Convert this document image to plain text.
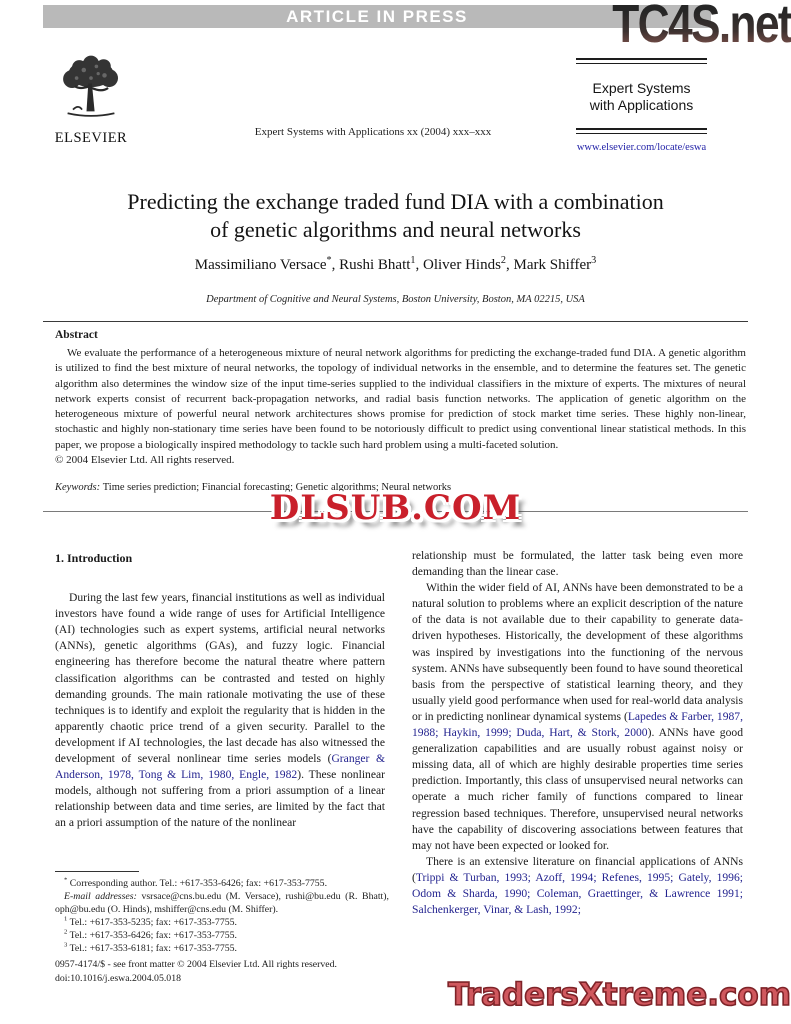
ARTICLE IN PRESS	TC4S.net
ELSEVIER	Expert Systems with Applications xx (2004) xxx–xxx
Expert Systems
with Applications
www.elsevier.com/locate/eswa
Predicting the exchange traded fund DIA with a combination
of genetic algorithms and neural networks
Massimiliano Versace*, Rushi Bhatt$^1$, Oliver Hinds$^2$, Mark Shiffer$^3$
Department of Cognitive and Neural Systems, Boston University, Boston, MA 02215, USA
Abstract

We evaluate the performance of a heterogeneous mixture of neural network algorithms for predicting the exchange-traded fund DIA. A genetic algorithm is utilized to find the best mixture of neural networks, the topology of individual networks in the ensemble, and to determine the features set. The genetic algorithm also determines the window size of the input time-series supplied to the individual classifiers in the mixture of experts. The mixtures of neural network experts consist of recurrent back-propagation networks, and radial basis function networks. The application of genetic algorithm on the heterogeneous mixture of powerful neural network architectures shows promise for prediction of stock market time series. These highly non-linear, stochastic and highly non-stationary time series have been found to be notoriously difficult to predict using conventional linear statistical methods. In this paper, we propose a biologically inspired methodology to tackle such hard problem using a multi-faceted solution.

© 2004 Elsevier Ltd. All rights reserved.

Keywords: Time series prediction; Financial forecasting; Genetic algorithms; Neural networks
DLSUB.COM
1. Introduction

During the last few years, financial institutions as well as individual investors have found a wide range of uses for Artificial Intelligence (AI) technologies such as expert systems, artificial neural networks (ANNs), genetic algorithms (GAs), and fuzzy logic. Financial engineering has therefore become the natural theatre where pattern classification algorithms can be contrasted and tested on highly demanding grounds. The main rationale motivating the use of these techniques is to identify and exploit the regularity that is hidden in the apparently chaotic price trend of a given security. Parallel to the development if AI technologies, the last decade has also witnessed the development of several nonlinear time series models (Granger & Anderson, 1978, Tong & Lim, 1980, Engle, 1982). These nonlinear models, although not suffering from a priori assumption of a linear relationship between data and time series, are limited by the fact that an a priori assumption of the nature of the nonlinear

relationship must be formulated, the latter task being even more demanding than the linear case.

Within the wider field of AI, ANNs have been demonstrated to be a natural solution to problems where an explicit description of the nature of the data is not available due to their capability to generate data-driven hypotheses. Historically, the development of these algorithms was inspired by investigations into the functioning of the nervous system. ANNs have subsequently been found to have sound theoretical basis from the perspective of statistical learning theory, and they usually yield good performance when used for real-world data analysis or in predicting nonlinear dynamical systems (Lapedes & Farber, 1987, 1988; Haykin, 1999; Duda, Hart, & Stork, 2000). ANNs have good generalization capabilities and are usually robust against noisy or missing data, all of which are highly desirable properties time series prediction. Importantly, this class of unsupervised neural networks can operate a much richer family of functions compared to linear regression based techniques. Therefore, unsupervised neural networks have the capability of discovering associations between features that may not have been expected or looked for.

There is an extensive literature on financial applications of ANNs (Trippi & Turban, 1993; Azoff, 1994; Refenes, 1995; Gately, 1996; Odom & Sharda, 1990; Coleman, Graettinger, & Lawrence 1991; Salchenkerger, Vinar, & Lash, 1992;

* Corresponding author. Tel.: +617-353-6426; fax: +617-353-7755.

E-mail addresses: vsrsace@cns.bu.edu (M. Versace), rushi@bu.edu (R. Bhatt), oph@bu.edu (O. Hinds), mshiffer@cns.edu (M. Shiffer).

$^1$ Tel.: +617-353-5235; fax: +617-353-7755.

$^2$ Tel.: +617-353-6426; fax: +617-353-7755.

$^3$ Tel.: +617-353-6181; fax: +617-353-7755.

0957-4174/$ - see front matter © 2004 Elsevier Ltd. All rights reserved.
doi:10.1016/j.eswa.2004.05.018	TradersXtreme.com
